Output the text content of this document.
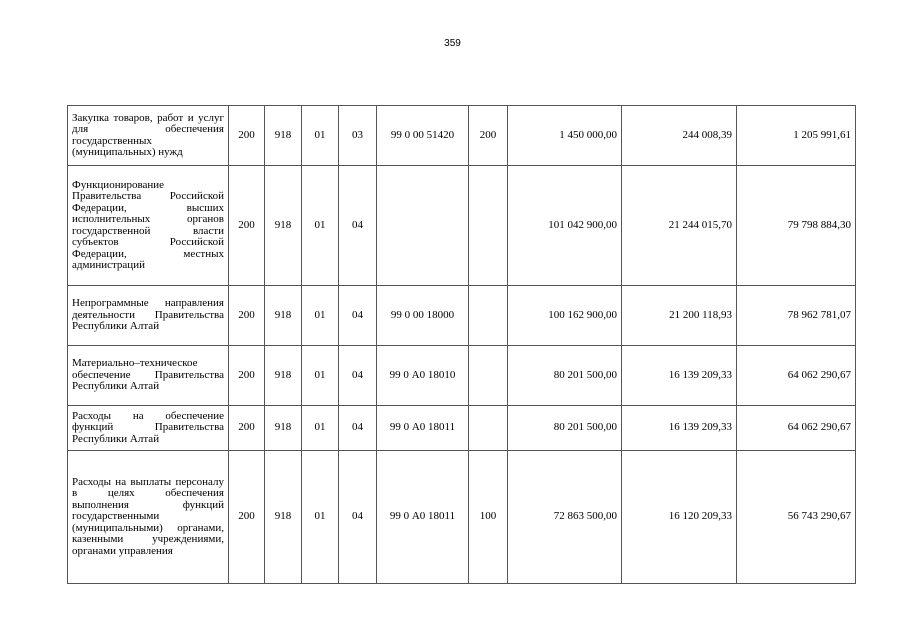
359
Закупка товаров, работ и услуг для обеспечения государственных (муниципальных) нужд	200	918	01	03	99 0 00 51420	200	1 450 000,00	244 008,39	1 205 991,61
Функционирование Правительства Российской Федерации, высших исполнительных органов государственной власти субъектов Российской Федерации, местных администраций	200	918	01	04			101 042 900,00	21 244 015,70	79 798 884,30
Непрограммные направления деятельности Правительства Республики Алтай	200	918	01	04	99 0 00 18000		100 162 900,00	21 200 118,93	78 962 781,07
Материально–техническое обеспечение Правительства Республики Алтай	200	918	01	04	99 0 А0 18010		80 201 500,00	16 139 209,33	64 062 290,67
Расходы на обеспечение функций Правительства Республики Алтай	200	918	01	04	99 0 А0 18011		80 201 500,00	16 139 209,33	64 062 290,67
Расходы на выплаты персоналу в целях обеспечения выполнения функций государственными (муниципальными) органами, казенными учреждениями, органами управления	200	918	01	04	99 0 А0 18011	100	72 863 500,00	16 120 209,33	56 743 290,67
